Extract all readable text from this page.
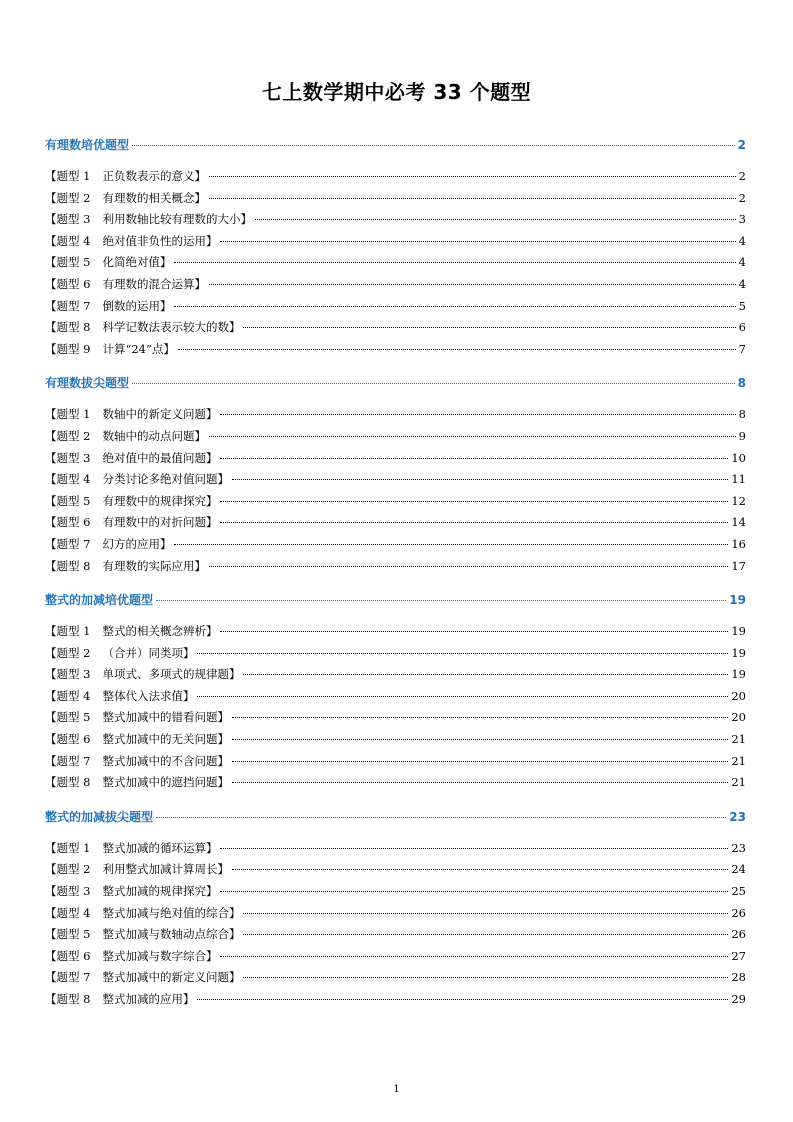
七上数学期中必考 33 个题型
有理数培优题型	2
【题型 1 正负数表示的意义】	2
【题型 2 有理数的相关概念】	2
【题型 3 利用数轴比较有理数的大小】	3
【题型 4 绝对值非负性的运用】	4
【题型 5 化简绝对值】	4
【题型 6 有理数的混合运算】	4
【题型 7 倒数的运用】	5
【题型 8 科学记数法表示较大的数】	6
【题型 9 计算“24”点】	7
有理数拔尖题型	8
【题型 1 数轴中的新定义问题】	8
【题型 2 数轴中的动点问题】	9
【题型 3 绝对值中的最值问题】	10
【题型 4 分类讨论多绝对值问题】	11
【题型 5 有理数中的规律探究】	12
【题型 6 有理数中的对折问题】	14
【题型 7 幻方的应用】	16
【题型 8 有理数的实际应用】	17
整式的加减培优题型	19
【题型 1 整式的相关概念辨析】	19
【题型 2 （合并）同类项】	19
【题型 3 单项式、多项式的规律题】	19
【题型 4 整体代入法求值】	20
【题型 5 整式加减中的错看问题】	20
【题型 6 整式加减中的无关问题】	21
【题型 7 整式加减中的不含问题】	21
【题型 8 整式加减中的遮挡问题】	21
整式的加减拔尖题型	23
【题型 1 整式加减的循环运算】	23
【题型 2 利用整式加减计算周长】	24
【题型 3 整式加减的规律探究】	25
【题型 4 整式加减与绝对值的综合】	26
【题型 5 整式加减与数轴动点综合】	26
【题型 6 整式加减与数字综合】	27
【题型 7 整式加减中的新定义问题】	28
【题型 8 整式加减的应用】	29
1
